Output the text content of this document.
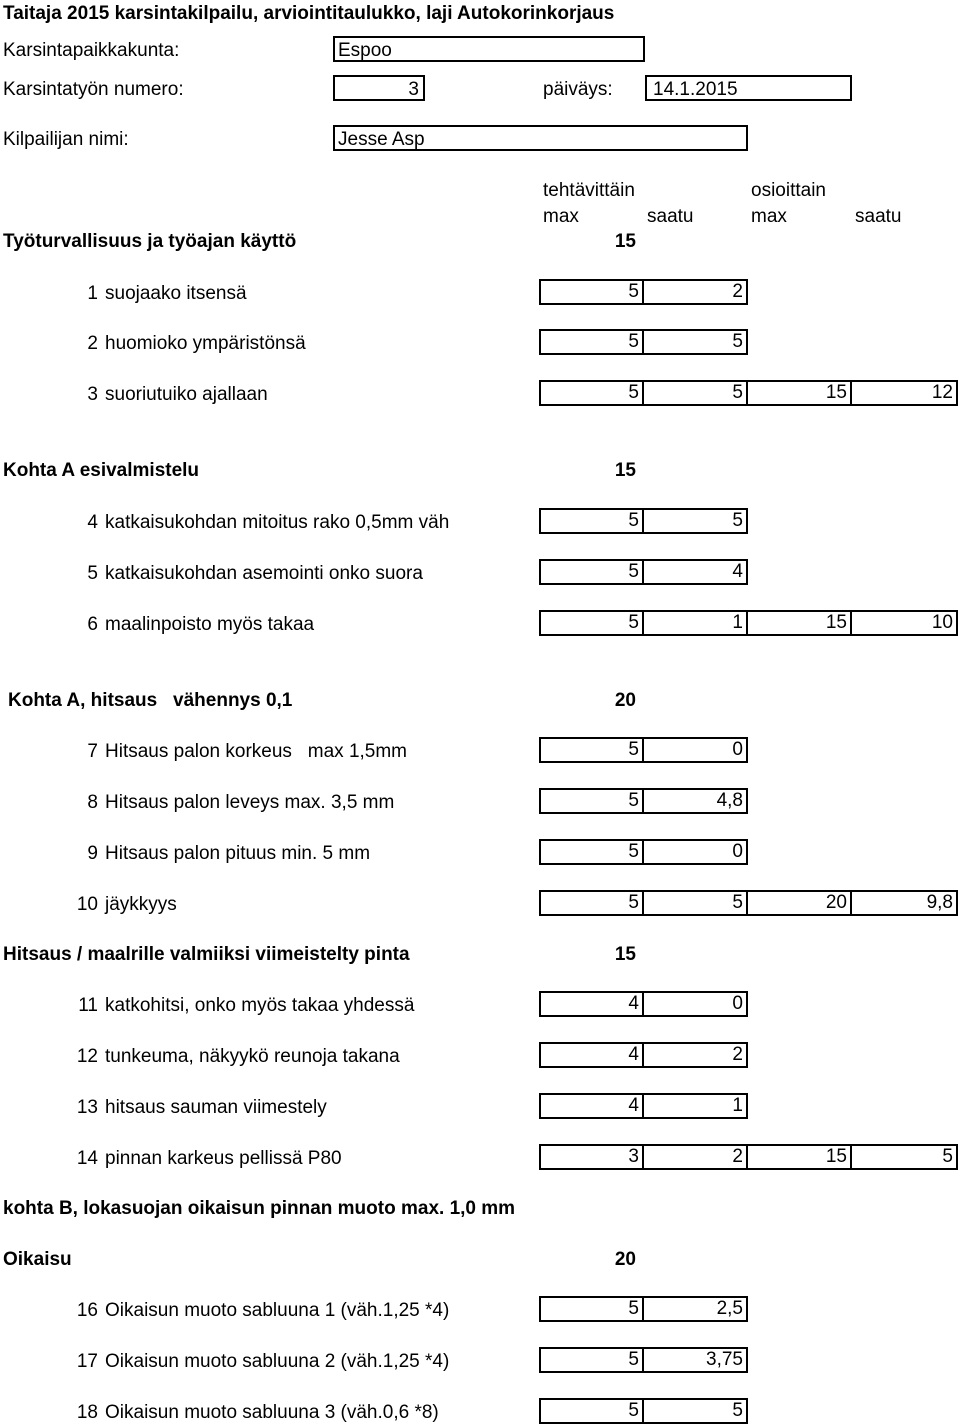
Taitaja 2015 karsintakilpailu, arviointitaulukko, laji Autokorinkorjaus
Karsintapaikkakunta:	Espoo
Karsintatyön numero:	3	päiväys: 14.1.2015
Kilpailijan nimi:	Jesse Asp
tehtävittäin	osioittain
max	saatu	max	saatu
Työturvallisuus ja työajan käyttö	15
1 suojaako itsensä	5	2
2 huomioko ympäristönsä	5	5
3 suoriutuiko ajallaan	5	5	15	12
Kohta A esivalmistelu	15
4 katkaisukohdan mitoitus rako 0,5mm väh	5	5
5 katkaisukohdan asemointi onko suora	5	4
6 maalinpoisto myös takaa	5	1	15	10
Kohta A, hitsaus   vähennys 0,1	20
7 Hitsaus palon korkeus   max 1,5mm	5	0
8 Hitsaus palon leveys max. 3,5 mm	5	4,8
9 Hitsaus palon pituus min. 5 mm	5	0
10 jäykkyys	5	5	20	9,8
Hitsaus / maalrille valmiiksi viimeistelty pinta	15
11 katkohitsi, onko myös takaa yhdessä	4	0
12 tunkeuma, näkyykö reunoja takana	4	2
13 hitsaus sauman viimestely	4	1
14 pinnan karkeus pellissä P80	3	2	15	5
kohta B, lokasuojan oikaisun pinnan muoto max. 1,0 mm
Oikaisu	20
16 Oikaisun muoto sabluuna 1 (väh.1,25 *4)	5	2,5
17 Oikaisun muoto sabluuna 2 (väh.1,25 *4)	5	3,75
18 Oikaisun muoto sabluuna 3 (väh.0,6 *8)	5	5
